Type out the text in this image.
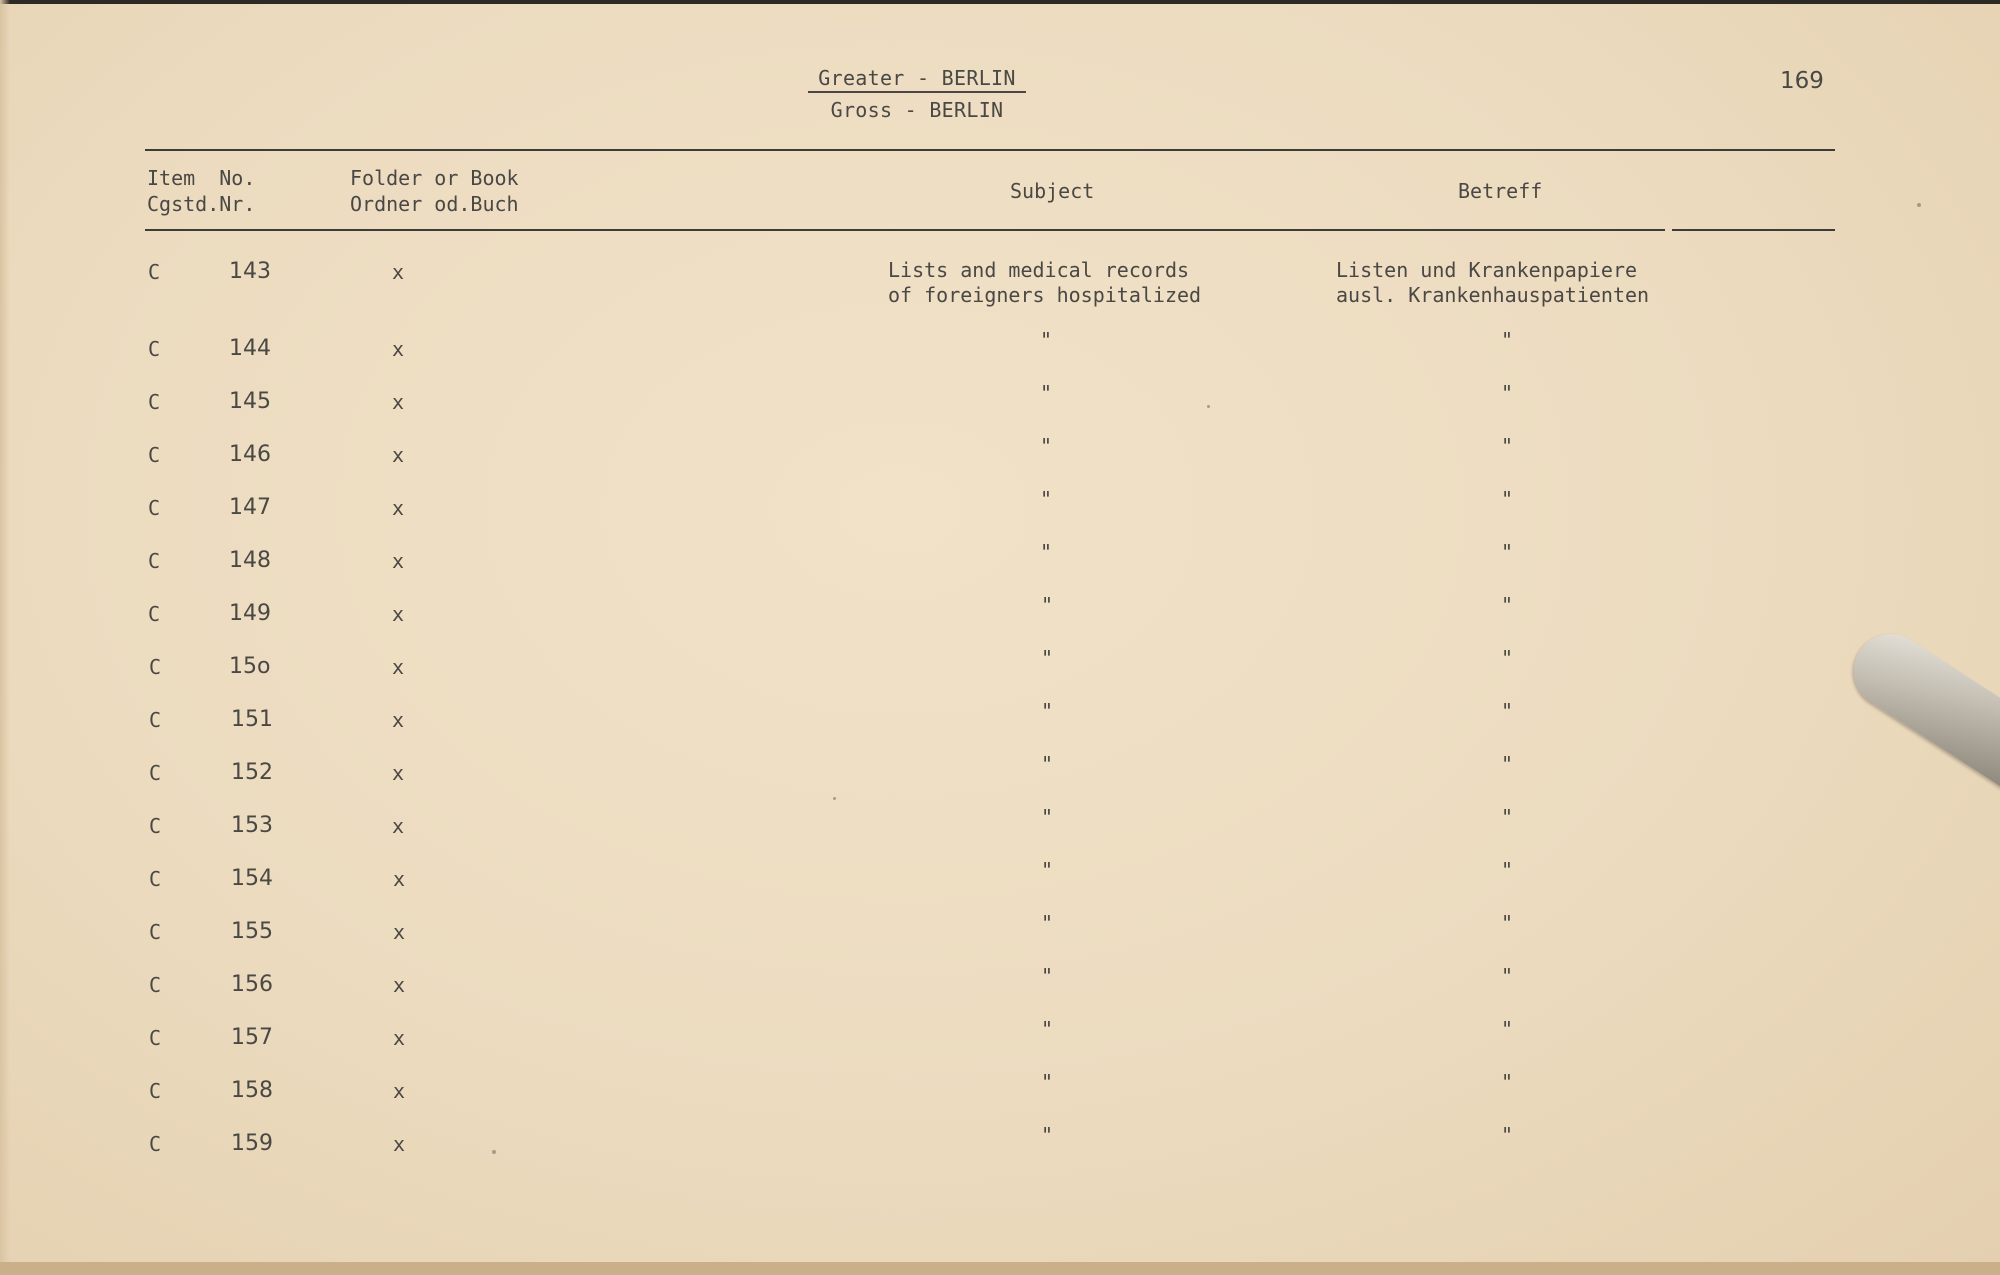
Greater - BERLIN
Gross - BERLIN
169
Item  No.
Cgstd.Nr.
Folder or Book
Ordner od.Buch
Subject	Betreff
C	143	x	Lists and medical records
of foreigners hospitalized
Listen und Krankenpapiere
ausl. Krankenhauspatienten
C	144	x	"	"
C	145	x	"	"
C	146	x	"	"
C	147	x	"	"
C	148	x	"	"
C	149	x	"	"
C	15o	x	"	"
C	151	x	"	"
C	152	x	"	"
C	153	x	"	"
C	154	x	"	"
C	155	x	"	"
C	156	x	"	"
C	157	x	"	"
C	158	x	"	"
C	159	x	"	"
